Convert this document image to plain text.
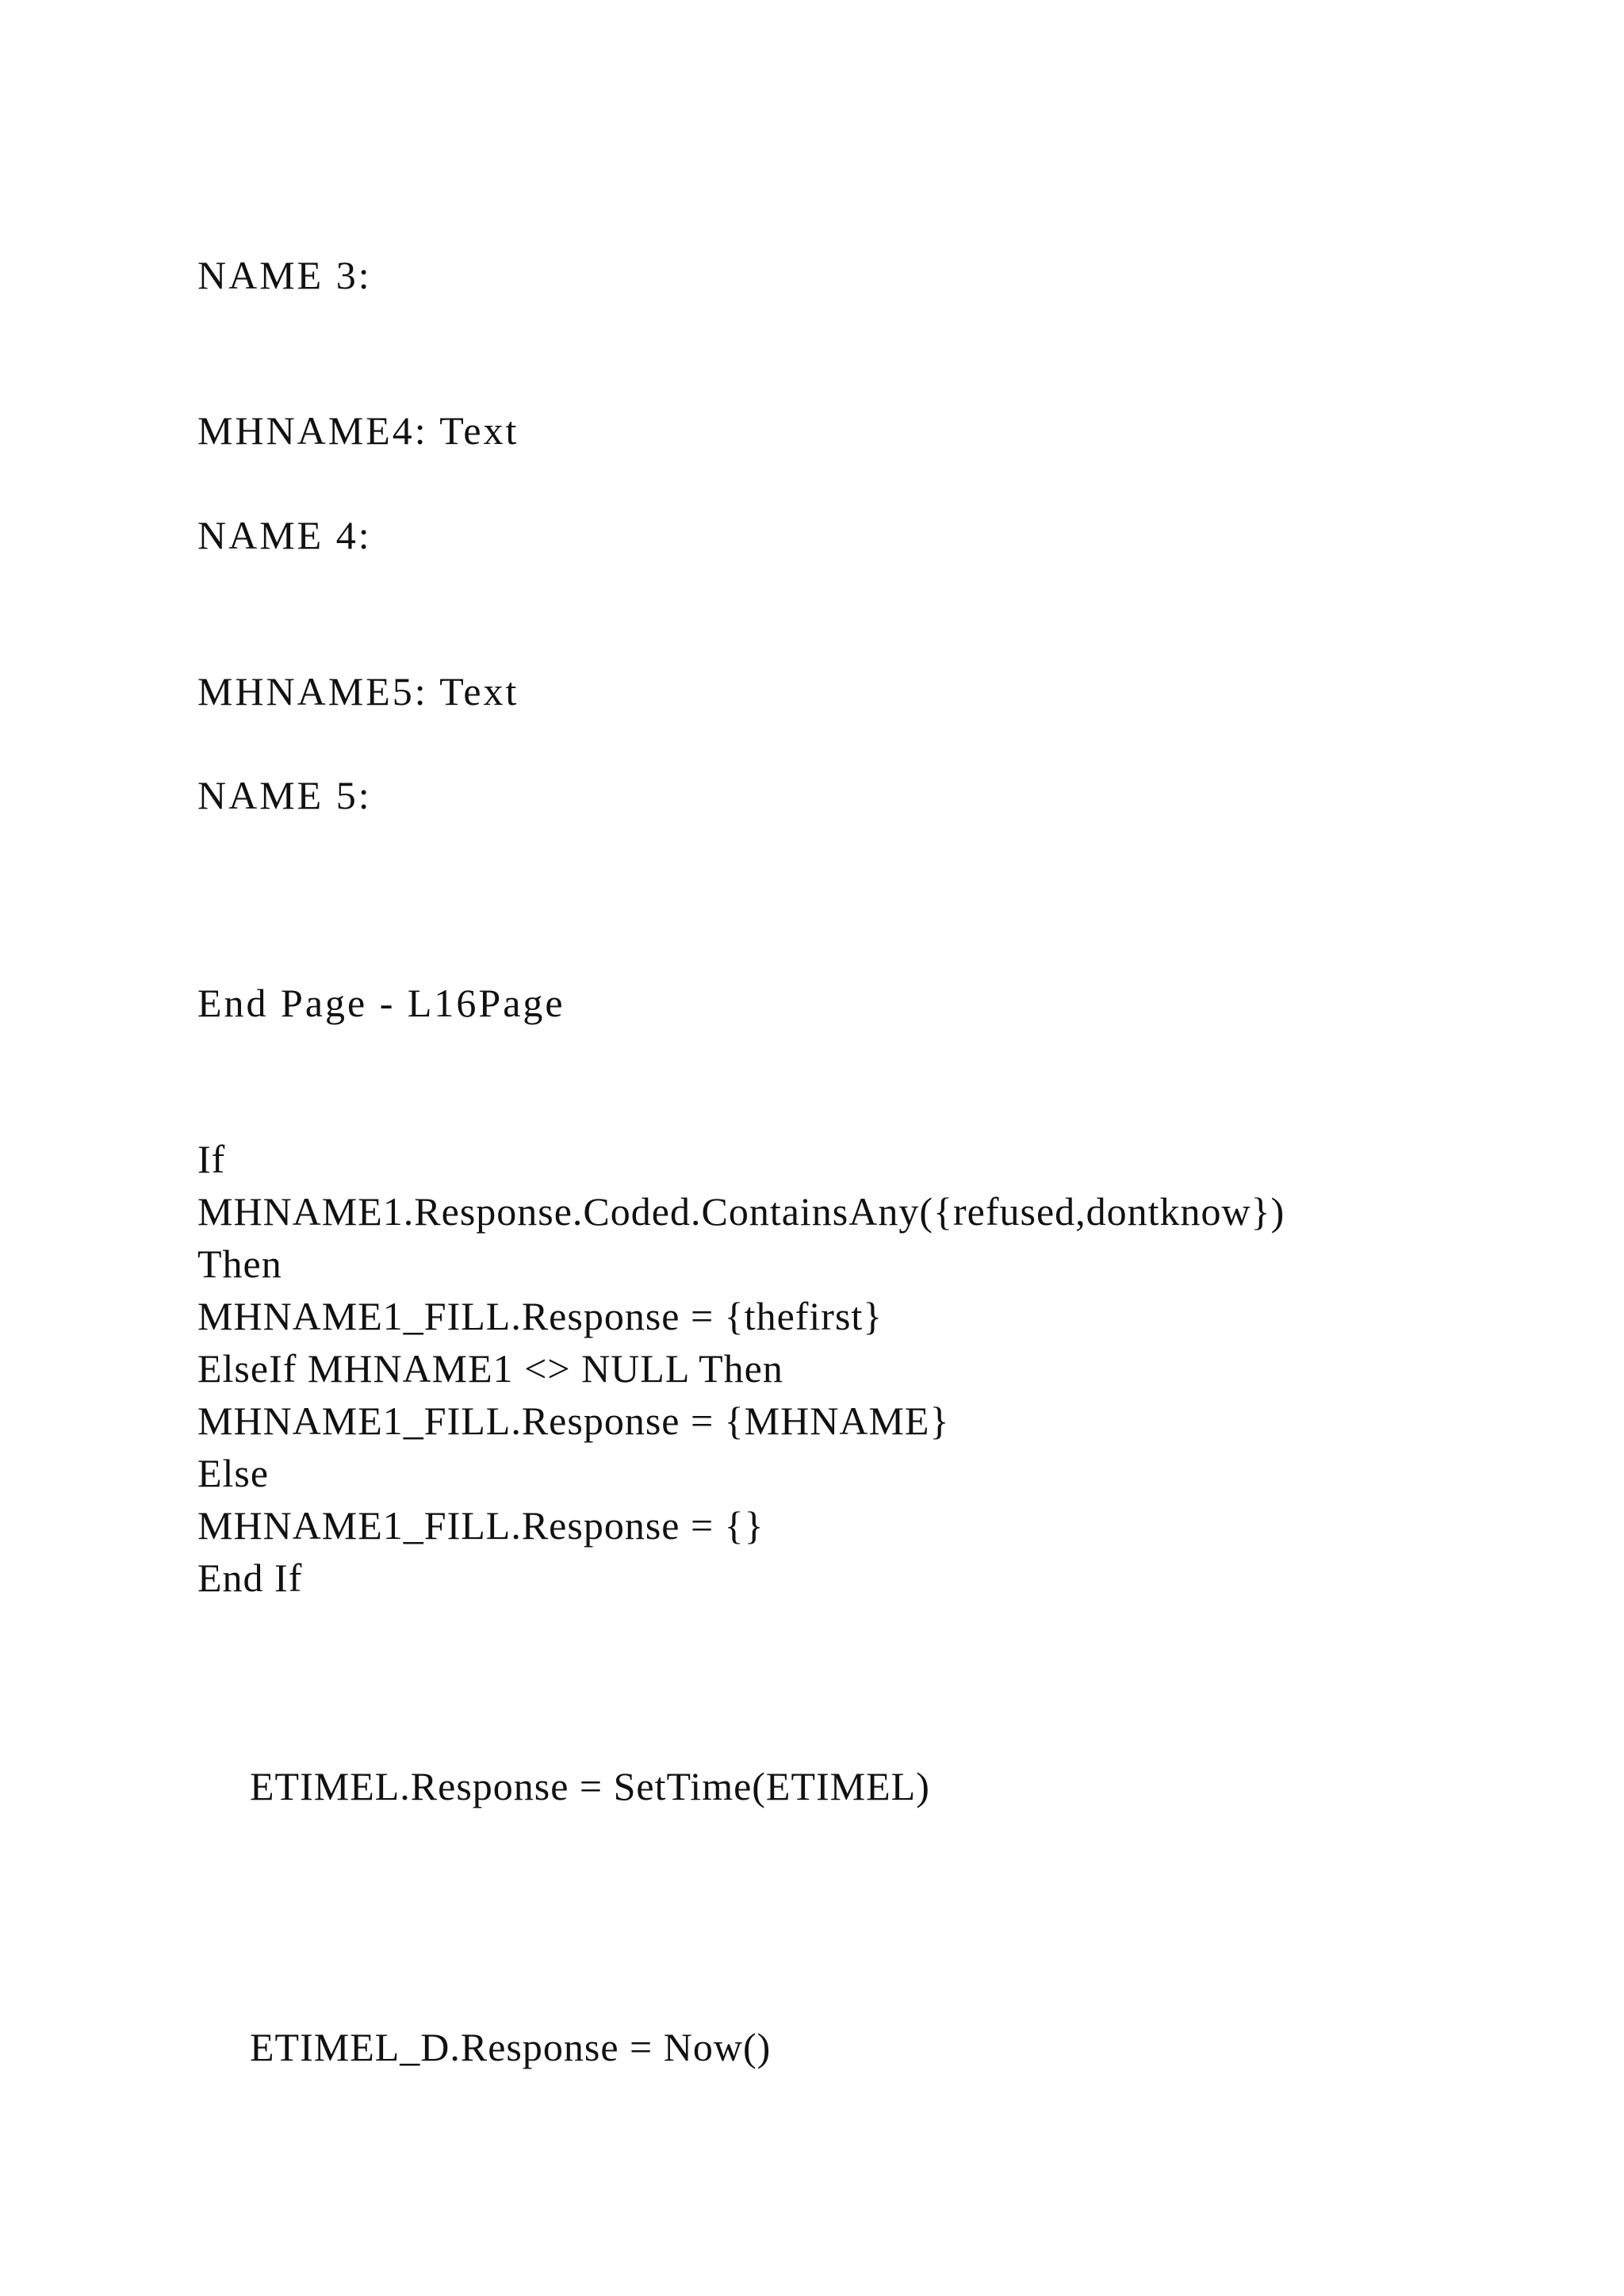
NAME 3:
MHNAME4: Text
NAME 4:
MHNAME5: Text
NAME 5:
End Page - L16Page
If
MHNAME1.Response.Coded.ContainsAny({refused,dontknow})
Then
MHNAME1_FILL.Response = {thefirst}
ElseIf MHNAME1 <> NULL Then
MHNAME1_FILL.Response = {MHNAME}
Else
MHNAME1_FILL.Response = {}
End If
ETIMEL.Response = SetTime(ETIMEL)
ETIMEL_D.Response = Now()
